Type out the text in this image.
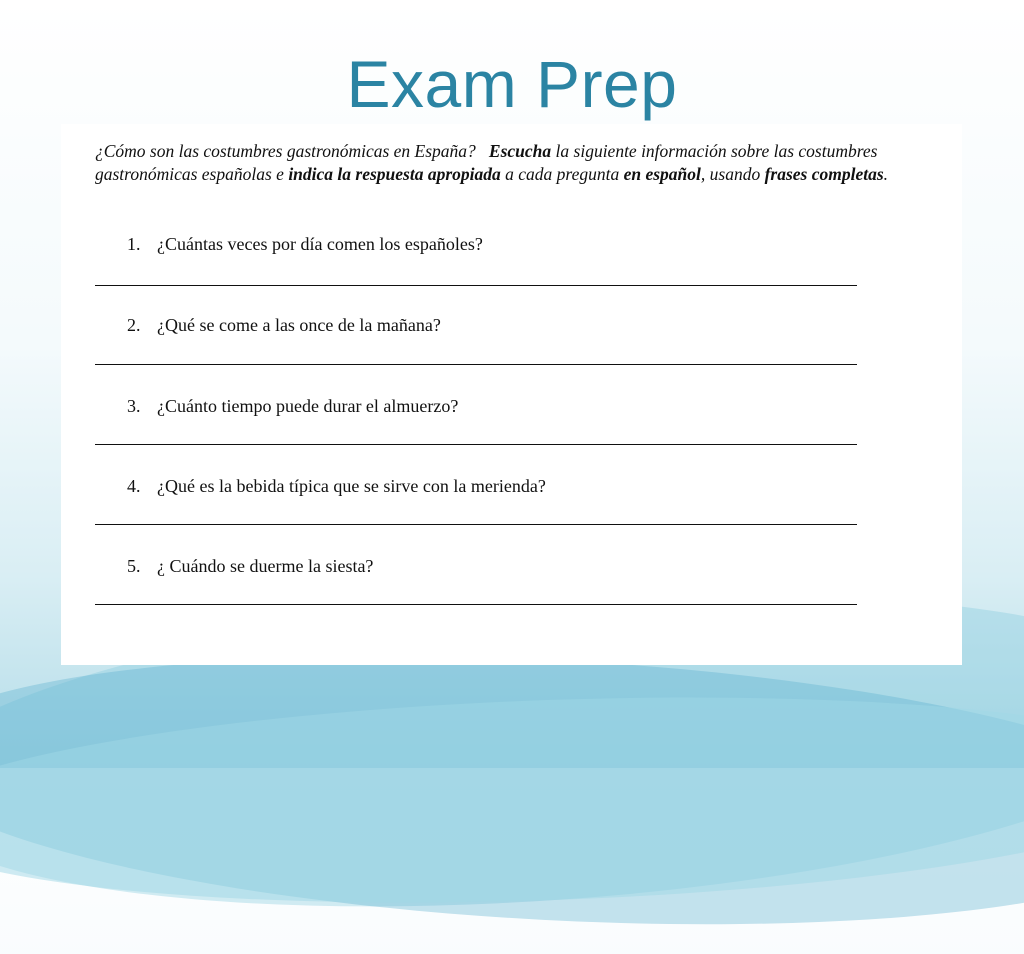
Exam Prep
¿Cómo son las costumbres gastronómicas en España? Escucha la siguiente información sobre las costumbres gastronómicas españolas e indica la respuesta apropiada a cada pregunta en español, usando frases completas.
1. ¿Cuántas veces por día comen los españoles?
2. ¿Qué se come a las once de la mañana?
3. ¿Cuánto tiempo puede durar el almuerzo?
4. ¿Qué es la bebida típica que se sirve con la merienda?
5. ¿ Cuándo se duerme la siesta?
